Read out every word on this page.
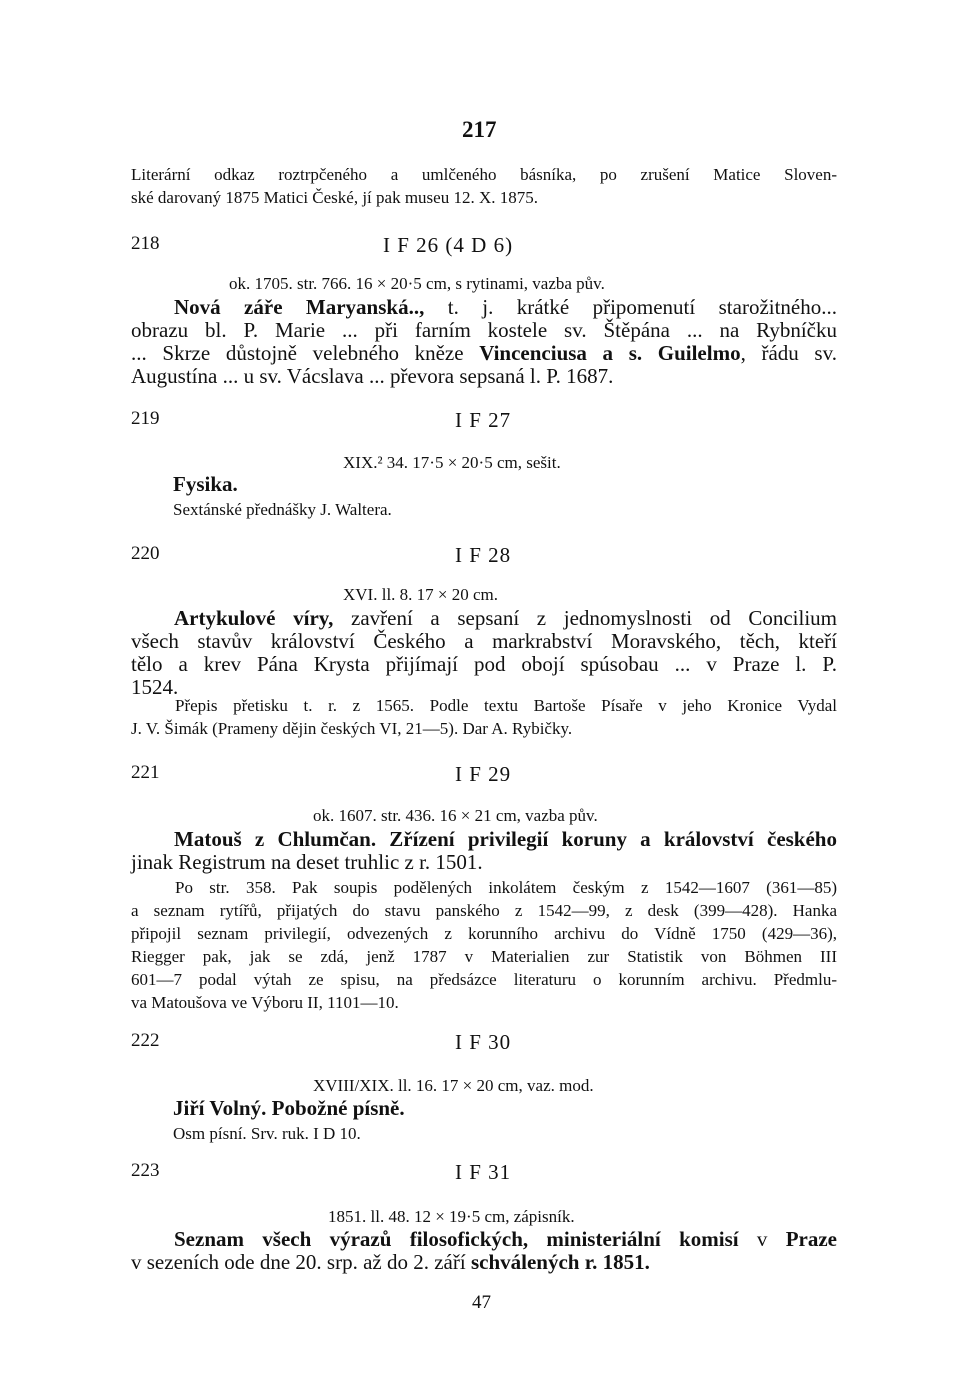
217
Literární odkaz roztrpčeného a umlčeného básníka, po zrušení Matice Sloven-
ské darovaný 1875 Matici České, jí pak museu 12. X. 1875.
218	I F 26 (4 D 6)
ok. 1705. str. 766. 16 × 20·5 cm, s rytinami, vazba pův.
Nová záře Maryanská.., t. j. krátké připomenutí starožitného...
obrazu bl. P. Marie ... při farním kostele sv. Štěpána ... na Rybníčku
... Skrze důstojně velebného kněze Vincenciusa a s. Guilelmo, řádu sv.
Augustína ... u sv. Vácslava ... převora sepsaná l. P. 1687.
219	I F 27
XIX.² 34. 17·5 × 20·5 cm, sešit.
Fysika.
Sextánské přednášky J. Waltera.
220	I F 28
XVI. ll. 8. 17 × 20 cm.
Artykulové víry, zavření a sepsaní z jednomyslnosti od Concilium
všech stavův království Českého a markrabství Moravského, těch, kteří
tělo a krev Pána Krysta přijímají pod obojí spúsobau ... v Praze l. P.
1524.
Přepis přetisku t. r. z 1565. Podle textu Bartoše Písaře v jeho Kronice Vydal
J. V. Šimák (Prameny dějin českých VI, 21—5). Dar A. Rybičky.
221	I F 29
ok. 1607. str. 436. 16 × 21 cm, vazba pův.
Matouš z Chlumčan. Zřízení privilegií koruny a království českého
jinak Registrum na deset truhlic z r. 1501.
Po str. 358. Pak soupis podělených inkolátem českým z 1542—1607 (361—85)
a seznam rytířů, přijatých do stavu panského z 1542—99, z desk (399—428). Hanka
připojil seznam privilegií, odvezených z korunního archivu do Vídně 1750 (429—36),
Riegger pak, jak se zdá, jenž 1787 v Materialien zur Statistik von Böhmen III
601—7 podal výtah ze spisu, na předsázce literaturu o korunním archivu. Předmlu-
va Matoušova ve Výboru II, 1101—10.
222	I F 30
XVIII/XIX. ll. 16. 17 × 20 cm, vaz. mod.
Jiří Volný. Pobožné písně.
Osm písní. Srv. ruk. I D 10.
223	I F 31
1851. ll. 48. 12 × 19·5 cm, zápisník.
Seznam všech výrazů filosofických, ministeriální komisí v Praze
v sezeních ode dne 20. srp. až do 2. září schválených r. 1851.
47
